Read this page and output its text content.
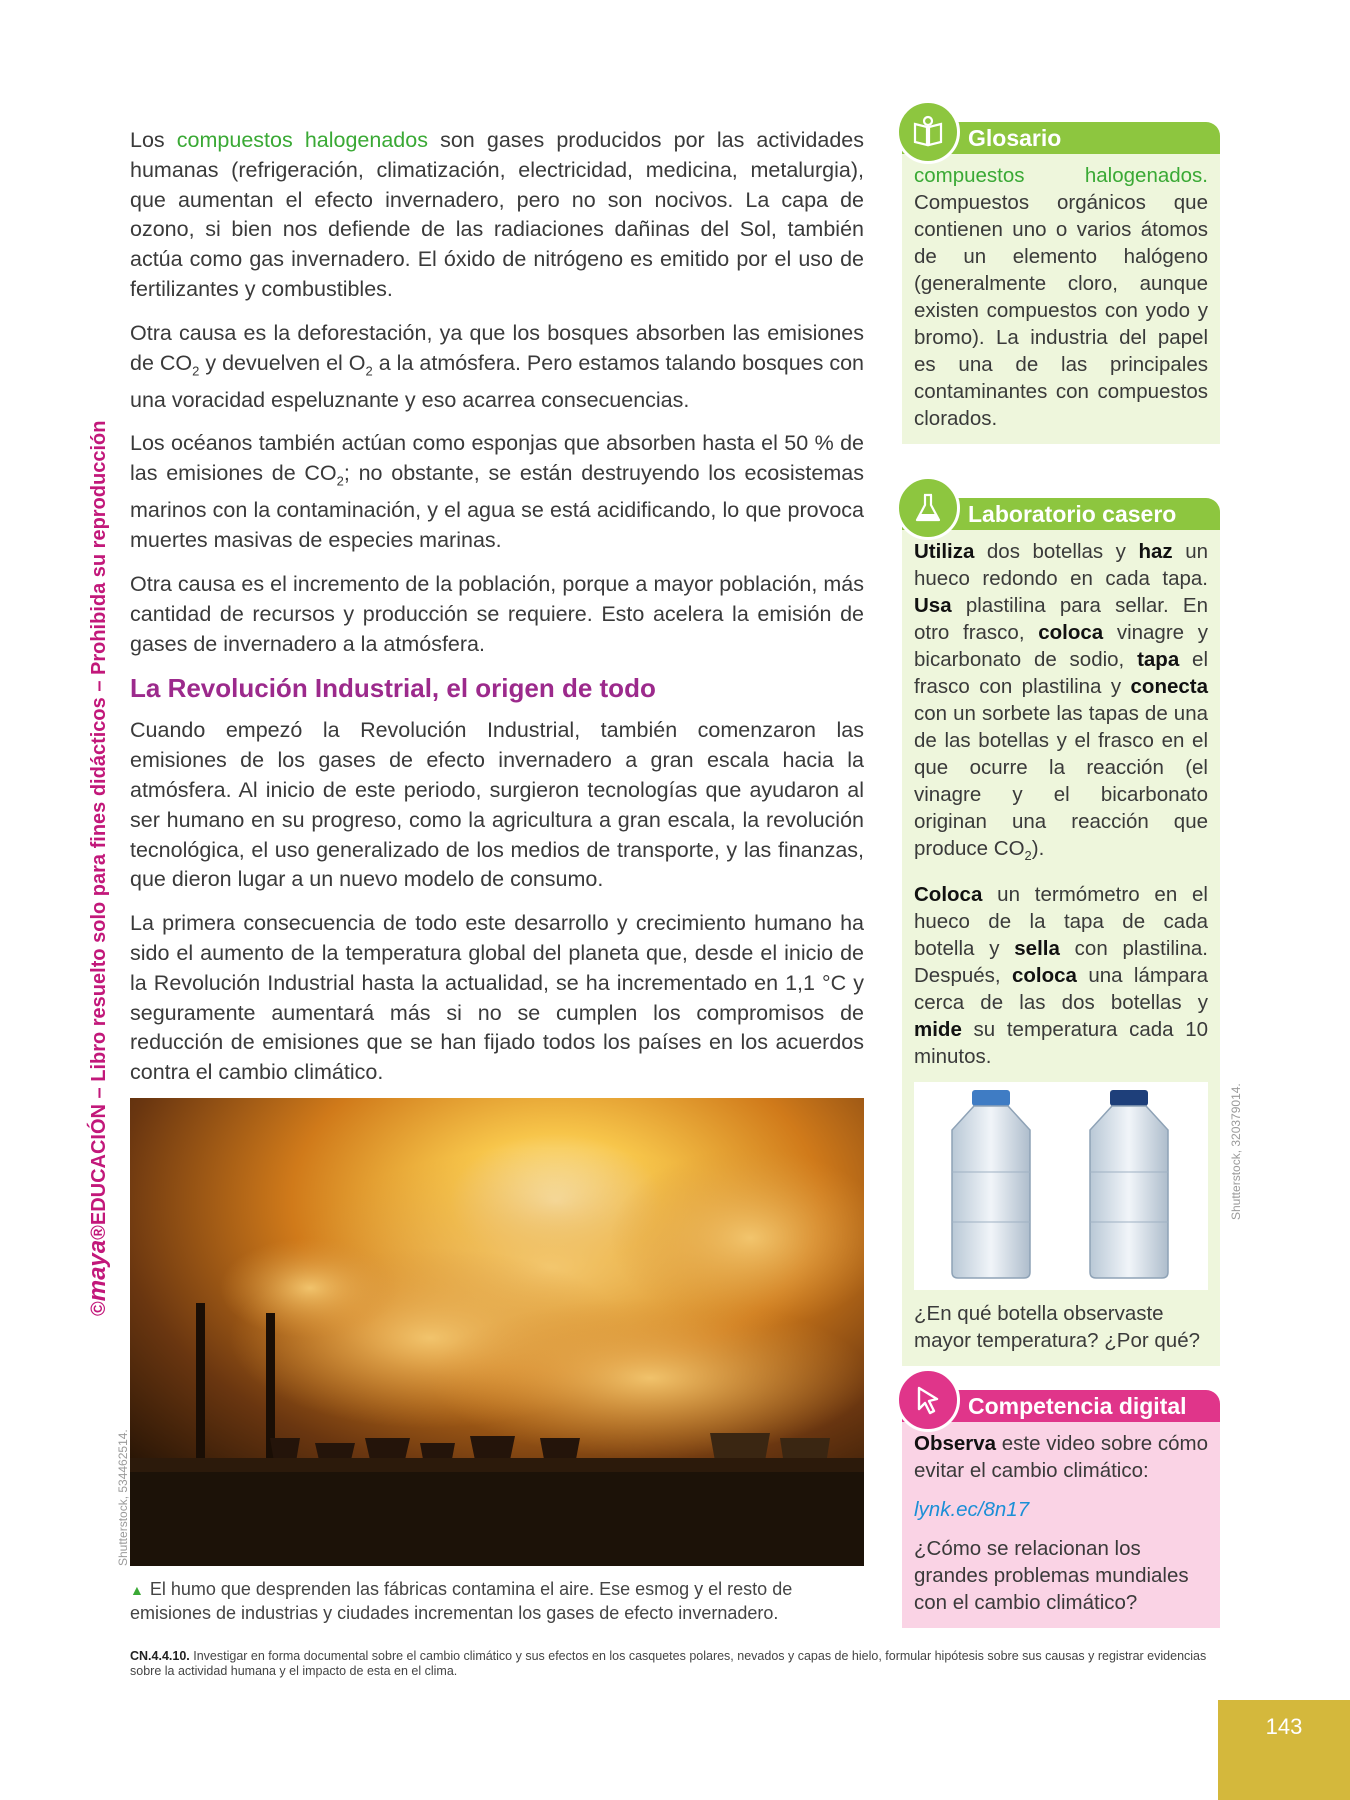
©maya®EDUCACIÓN – Libro resuelto solo para fines didácticos – Prohibida su reproducción

Los compuestos halogenados son gases producidos por las actividades humanas (refrigeración, climatización, electricidad, medicina, metalurgia), que aumentan el efecto invernadero, pero no son nocivos. La capa de ozono, si bien nos defiende de las radiaciones dañinas del Sol, también actúa como gas invernadero. El óxido de nitrógeno es emitido por el uso de fertilizantes y combustibles.

Otra causa es la deforestación, ya que los bosques absorben las emisiones de $CO_2$ y devuelven el $O_2$ a la atmósfera. Pero estamos talando bosques con una voracidad espeluznante y eso acarrea consecuencias.

Los océanos también actúan como esponjas que absorben hasta el 50 % de las emisiones de $CO_2$; no obstante, se están destruyendo los ecosistemas marinos con la contaminación, y el agua se está acidificando, lo que provoca muertes masivas de especies marinas.

Otra causa es el incremento de la población, porque a mayor población, más cantidad de recursos y producción se requiere. Esto acelera la emisión de gases de invernadero a la atmósfera.

La Revolución Industrial, el origen de todo

Cuando empezó la Revolución Industrial, también comenzaron las emisiones de los gases de efecto invernadero a gran escala hacia la atmósfera. Al inicio de este periodo, surgieron tecnologías que ayudaron al ser humano en su progreso, como la agricultura a gran escala, la revolución tecnológica, el uso generalizado de los medios de transporte, y las finanzas, que dieron lugar a un nuevo modelo de consumo.

La primera consecuencia de todo este desarrollo y crecimiento humano ha sido el aumento de la temperatura global del planeta que, desde el inicio de la Revolución Industrial hasta la actualidad, se ha incrementado en 1,1 °C y seguramente aumentará más si no se cumplen los compromisos de reducción de emisiones que se han fijado todos los países en los acuerdos contra el cambio climático.

Shutterstock, 534462514.
▲ El humo que desprenden las fábricas contamina el aire. Ese esmog y el resto de emisiones de industrias y ciudades incrementan los gases de efecto invernadero.
Glosario
compuestos halogenados. Compuestos orgánicos que contienen uno o varios átomos de un elemento halógeno (generalmente cloro, aunque existen compuestos con yodo y bromo). La industria del papel es una de las principales contaminantes con compuestos clorados.
Laboratorio casero

Utiliza dos botellas y haz un hueco redondo en cada tapa. Usa plastilina para sellar. En otro frasco, coloca vinagre y bicarbonato de sodio, tapa el frasco con plastilina y conecta con un sorbete las tapas de una de las botellas y el frasco en el que ocurre la reacción (el vinagre y el bicarbonato originan una reacción que produce $CO_2$).

Coloca un termómetro en el hueco de la tapa de cada botella y sella con plastilina. Después, coloca una lámpara cerca de las dos botellas y mide su temperatura cada 10 minutos.

¿En qué botella observaste mayor temperatura? ¿Por qué?

Shutterstock, 320379014.
Competencia digital

Observa este video sobre cómo evitar el cambio climático:

lynk.ec/8n17

¿Cómo se relacionan los grandes problemas mundiales con el cambio climático?

CN.4.4.10. Investigar en forma documental sobre el cambio climático y sus efectos en los casquetes polares, nevados y capas de hielo, formular hipótesis sobre sus causas y registrar evidencias sobre la actividad humana y el impacto de esta en el clima.
143
